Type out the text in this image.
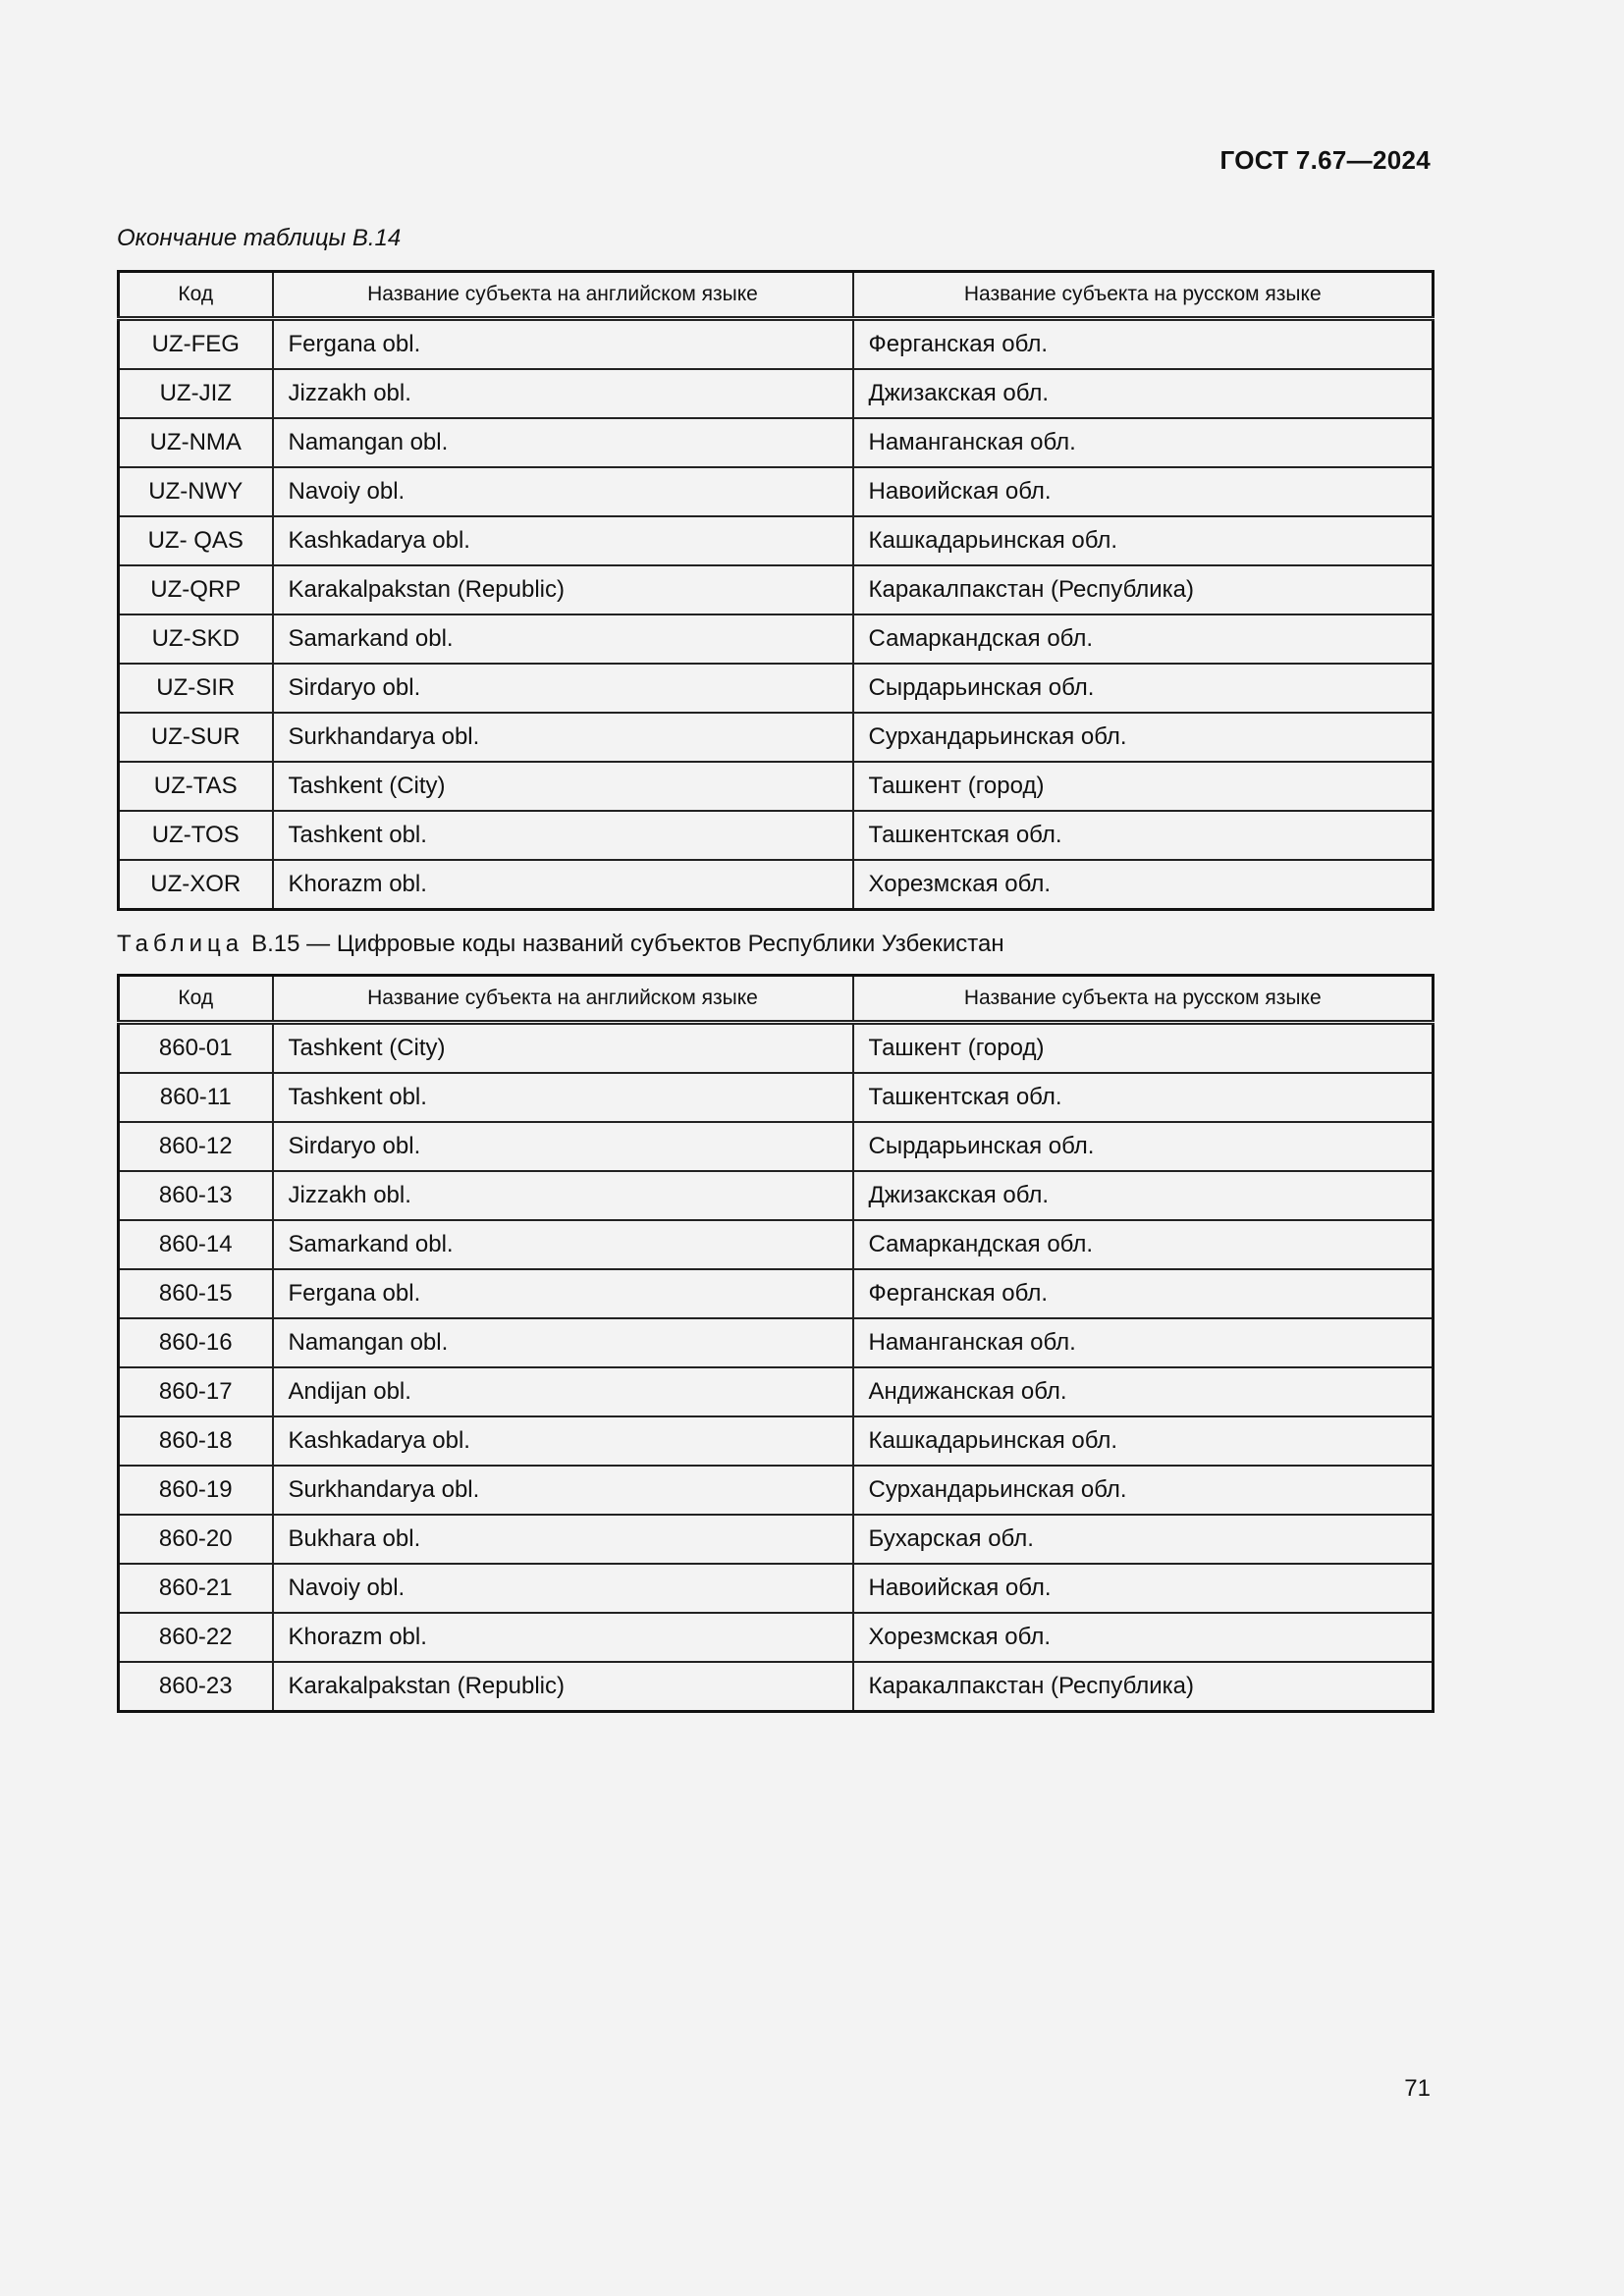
ГОСТ 7.67—2024
Окончание таблицы В.14
Код	Название субъекта на английском языке	Название субъекта на русском языке
UZ-FEG	Fergana obl.	Ферганская обл.
UZ-JIZ	Jizzakh obl.	Джизакская обл.
UZ-NMA	Namangan obl.	Наманганская обл.
UZ-NWY	Navoiy obl.	Навоийская обл.
UZ- QAS	Kashkadarya obl.	Кашкадарьинская обл.
UZ-QRP	Karakalpakstan (Republic)	Каракалпакстан (Республика)
UZ-SKD	Samarkand obl.	Самаркандская обл.
UZ-SIR	Sirdaryo obl.	Сырдарьинская обл.
UZ-SUR	Surkhandarya obl.	Сурхандарьинская обл.
UZ-TAS	Tashkent (City)	Ташкент (город)
UZ-TOS	Tashkent obl.	Ташкентская обл.
UZ-XOR	Khorazm obl.	Хорезмская обл.
Таблица В.15 — Цифровые коды названий субъектов Республики Узбекистан
Код	Название субъекта на английском языке	Название субъекта на русском языке
860-01	Tashkent (City)	Ташкент (город)
860-11	Tashkent obl.	Ташкентская обл.
860-12	Sirdaryo obl.	Сырдарьинская обл.
860-13	Jizzakh obl.	Джизакская обл.
860-14	Samarkand obl.	Самаркандская обл.
860-15	Fergana obl.	Ферганская обл.
860-16	Namangan obl.	Наманганская обл.
860-17	Andijan obl.	Андижанская обл.
860-18	Kashkadarya obl.	Кашкадарьинская обл.
860-19	Surkhandarya obl.	Сурхандарьинская обл.
860-20	Bukhara obl.	Бухарская обл.
860-21	Navoiy obl.	Навоийская обл.
860-22	Khorazm obl.	Хорезмская обл.
860-23	Karakalpakstan (Republic)	Каракалпакстан (Республика)
71
